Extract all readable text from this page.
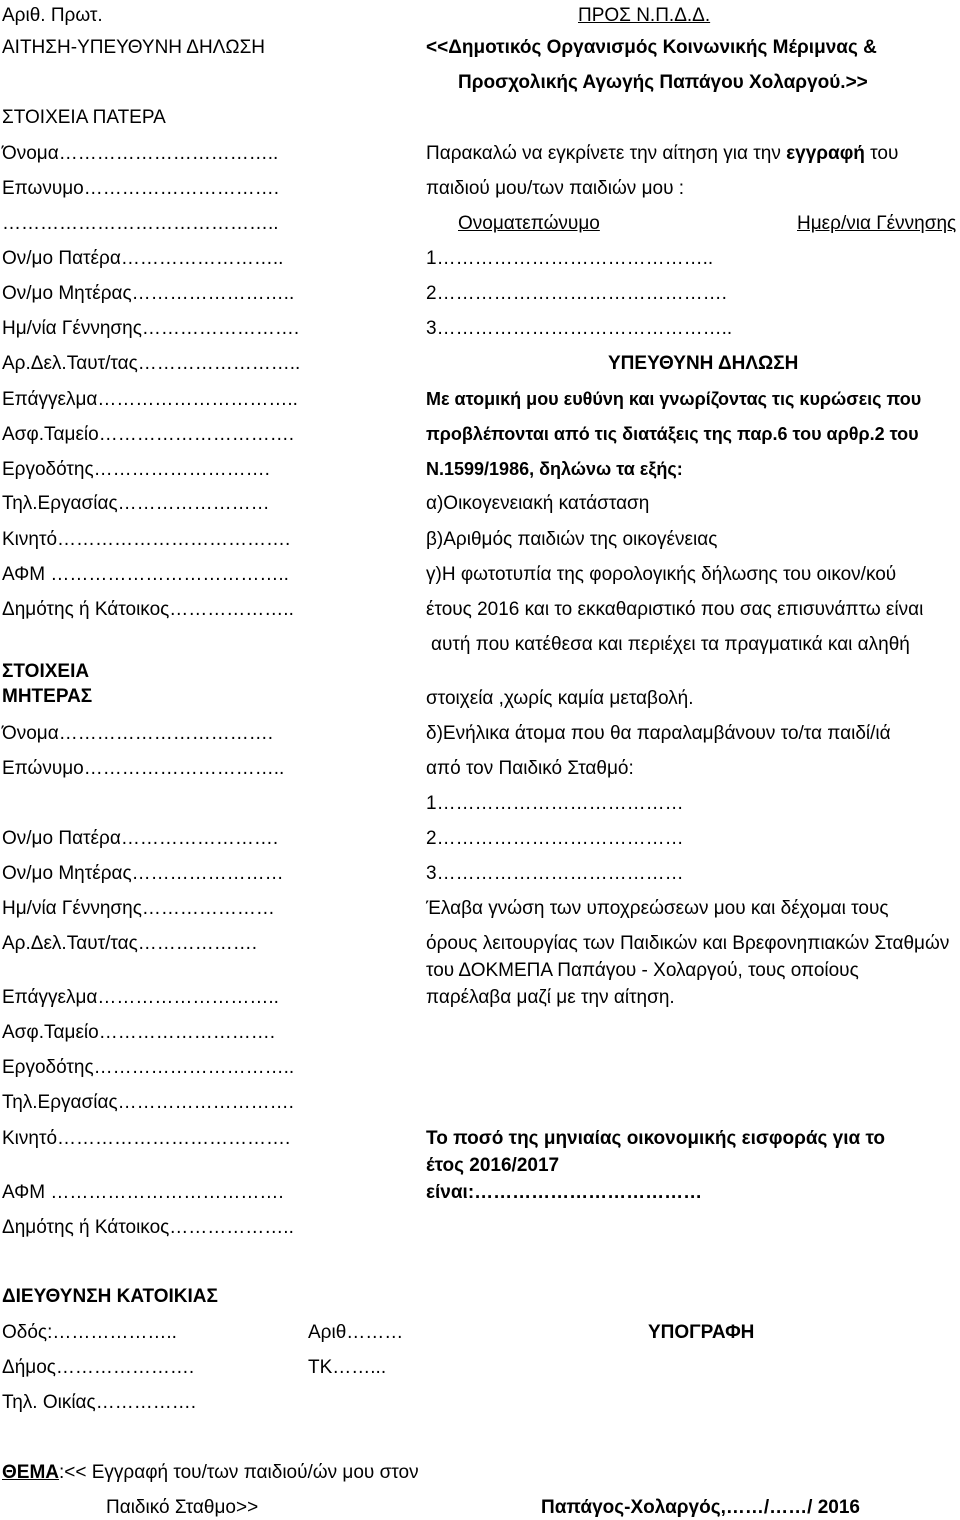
Αριθ. Πρωτ.
ΑΙΤΗΣΗ-ΥΠΕΥΘΥΝΗ ΔΗΛΩΣΗ
ΠΡΟΣ Ν.Π.Δ.Δ.
<<Δημοτικός Οργανισμός Κοινωνικής Μέριμνας &
Προσχολικής Αγωγής Παπάγου Χολαργού.>>
ΣΤΟΙΧΕΙΑ ΠΑΤΕΡΑ
Όνομα……………………………..
Επωνυμο………………………….
……………………………………..
Ον/μο Πατέρα……………………..
Ον/μο Μητέρας……………………..
Ημ/νία Γέννησης…………………….
Αρ.Δελ.Ταυτ/τας……………………..
Επάγγελμα…………………………..
Ασφ.Ταμείο………………………….
Εργοδότης……………………….
Τηλ.Εργασίας……………………
Κινητό……………………………….
ΑΦΜ ………………………………..
Δημότης ή Κάτοικος………………..
ΣΤΟΙΧΕΙΑ
ΜΗΤΕΡΑΣ
Όνομα…………………………….
Επώνυμο…………………………..
Ον/μο Πατέρα…………………….
Ον/μο Μητέρας……………………
Ημ/νία Γέννησης…………………
Αρ.Δελ.Ταυτ/τας……………….
Επάγγελμα………………………..
Ασφ.Ταμείο……………………….
Εργοδότης…………………………..
Τηλ.Εργασίας……………………….
Κινητό……………………………….
ΑΦΜ ……………………………….
Δημότης ή Κάτοικος………………..
Παρακαλώ να εγκρίνετε την αίτηση για την εγγραφή του
παιδιού μου/των παιδιών μου :
Ονοματεπώνυμο	Ημερ/νια Γέννησης
1……………………………………..
2……………………………………….
3………………………………………..
ΥΠΕΥΘΥΝΗ ΔΗΛΩΣΗ
Με ατομική μου ευθύνη και γνωρίζοντας τις κυρώσεις που
προβλέπονται από τις διατάξεις της παρ.6 του αρθρ.2 του
Ν.1599/1986, δηλώνω τα εξής:
α)Οικογενειακή κατάσταση
β)Αριθμός παιδιών της οικογένειας
γ)Η φωτοτυπία της φορολογικής δήλωσης του οικον/κού
έτους 2016 και το εκκαθαριστικό που σας επισυνάπτω είναι
αυτή που κατέθεσα και περιέχει τα πραγματικά και αληθή
στοιχεία ,χωρίς καμία μεταβολή.
δ)Ενήλικα άτομα που θα παραλαμβάνουν το/τα παιδί/ιά
από τον Παιδικό Σταθμό:
1…………………………………
2…………………………………
3…………………………………
Έλαβα γνώση των υποχρεώσεων μου και δέχομαι τους
όρους λειτουργίας των Παιδικών και Βρεφονηπιακών Σταθμών
του ΔΟΚΜΕΠΑ Παπάγου - Χολαργού, τους οποίους
παρέλαβα μαζί με την αίτηση.
Το ποσό της μηνιαίας οικονομικής εισφοράς για το
έτος 2016/2017
είναι:………………………………
ΔΙΕΥΘΥΝΣΗ ΚΑΤΟΙΚΙΑΣ
Οδός:………………..	Αριθ………	ΥΠΟΓΡΑΦΗ
Δήμος………………….	ΤΚ……...
Τηλ. Οικίας…………….
ΘΕΜΑ:<< Εγγραφή του/των παιδιού/ών μου στον
Παιδικό Σταθμο>>	Παπάγος-Χολαργός,……/……/ 2016
